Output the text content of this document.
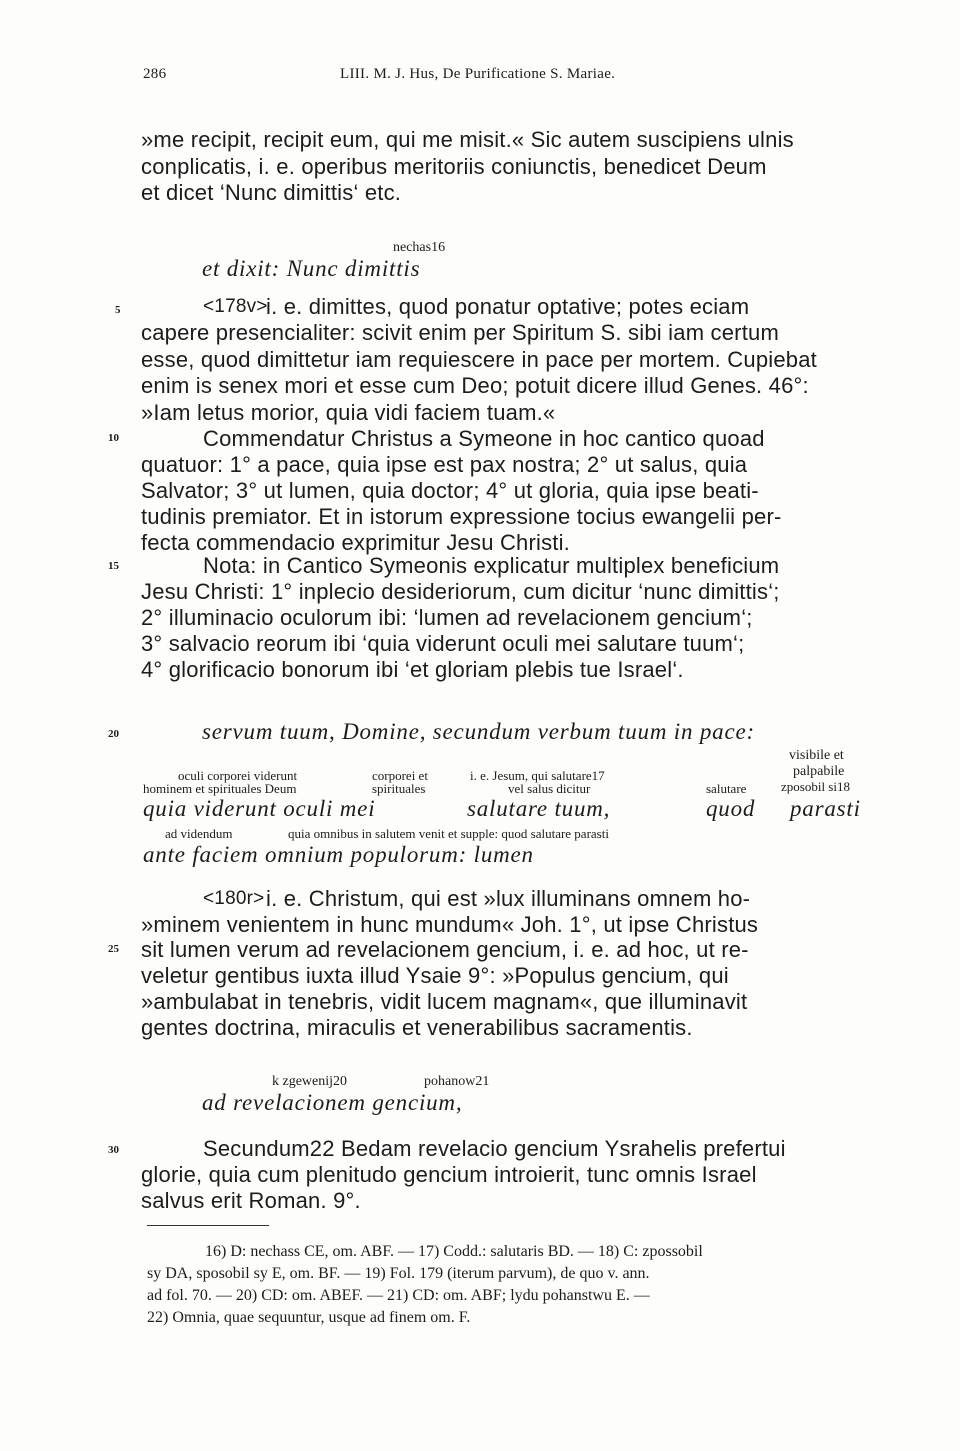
286	LIII. M. J. Hus, De Purificatione S. Mariae.
5
10
15
20
25
30
»me recipit, recipit eum, qui me misit.« Sic autem suscipiens ulnis
conplicatis, i. e. operibus meritoriis coniunctis, benedicet Deum
et dicet ‘Nunc dimittis‘ etc.
nechas16
et dixit: Nunc dimittis
<178v>
i. e. dimittes, quod ponatur optative; potes eciam
capere presencialiter: scivit enim per Spiritum S. sibi iam certum
esse, quod dimittetur iam requiescere in pace per mortem. Cupiebat
enim is senex mori et esse cum Deo; potuit dicere illud Genes. 46°:
»Iam letus morior, quia vidi faciem tuam.«
Commendatur Christus a Symeone in hoc cantico quoad
quatuor: 1° a pace, quia ipse est pax nostra; 2° ut salus, quia
Salvator; 3° ut lumen, quia doctor; 4° ut gloria, quia ipse beati-
tudinis premiator. Et in istorum expressione tocius ewangelii per-
fecta commendacio exprimitur Jesu Christi.
Nota: in Cantico Symeonis explicatur multiplex beneficium
Jesu Christi: 1° inplecio desideriorum, cum dicitur ‘nunc dimittis‘;
2° illuminacio oculorum ibi: ‘lumen ad revelacionem gencium‘;
3° salvacio reorum ibi ‘quia viderunt oculi mei salutare tuum‘;
4° glorificacio bonorum ibi ‘et gloriam plebis tue Israel‘.
servum tuum, Domine, secundum verbum tuum in pace:
visibile et
palpabile
oculi corporei viderunt
hominem et spirituales Deum
corporei et
spirituales
i. e. Jesum, qui salutare17
vel salus dicitur	salutare	zposobil si18
quia viderunt oculi mei	salutare tuum,	quod parasti
ad videndum	quia omnibus in salutem venit et supple: quod salutare parasti
ante faciem omnium populorum: lumen
<180r> i. e. Christum, qui est »lux illuminans omnem ho-
»minem venientem in hunc mundum« Joh. 1°, ut ipse Christus
sit lumen verum ad revelacionem gencium, i. e. ad hoc, ut re-
veletur gentibus iuxta illud Ysaie 9°: »Populus gencium, qui
»ambulabat in tenebris, vidit lucem magnam«, que illuminavit
gentes doctrina, miraculis et venerabilibus sacramentis.
k zgewenij20	pohanow21
ad revelacionem gencium,
Secundum22 Bedam revelacio gencium Ysrahelis prefertui
glorie, quia cum plenitudo gencium introierit, tunc omnis Israel
salvus erit Roman. 9°.
16) D: nechass CE, om. ABF. — 17) Codd.: salutaris BD. — 18) C: zpossobil
sy DA, sposobil sy E, om. BF. — 19) Fol. 179 (iterum parvum), de quo v. ann.
ad fol. 70. — 20) CD: om. ABEF. — 21) CD: om. ABF; lydu pohanstwu E. —
22) Omnia, quae sequuntur, usque ad finem om. F.
